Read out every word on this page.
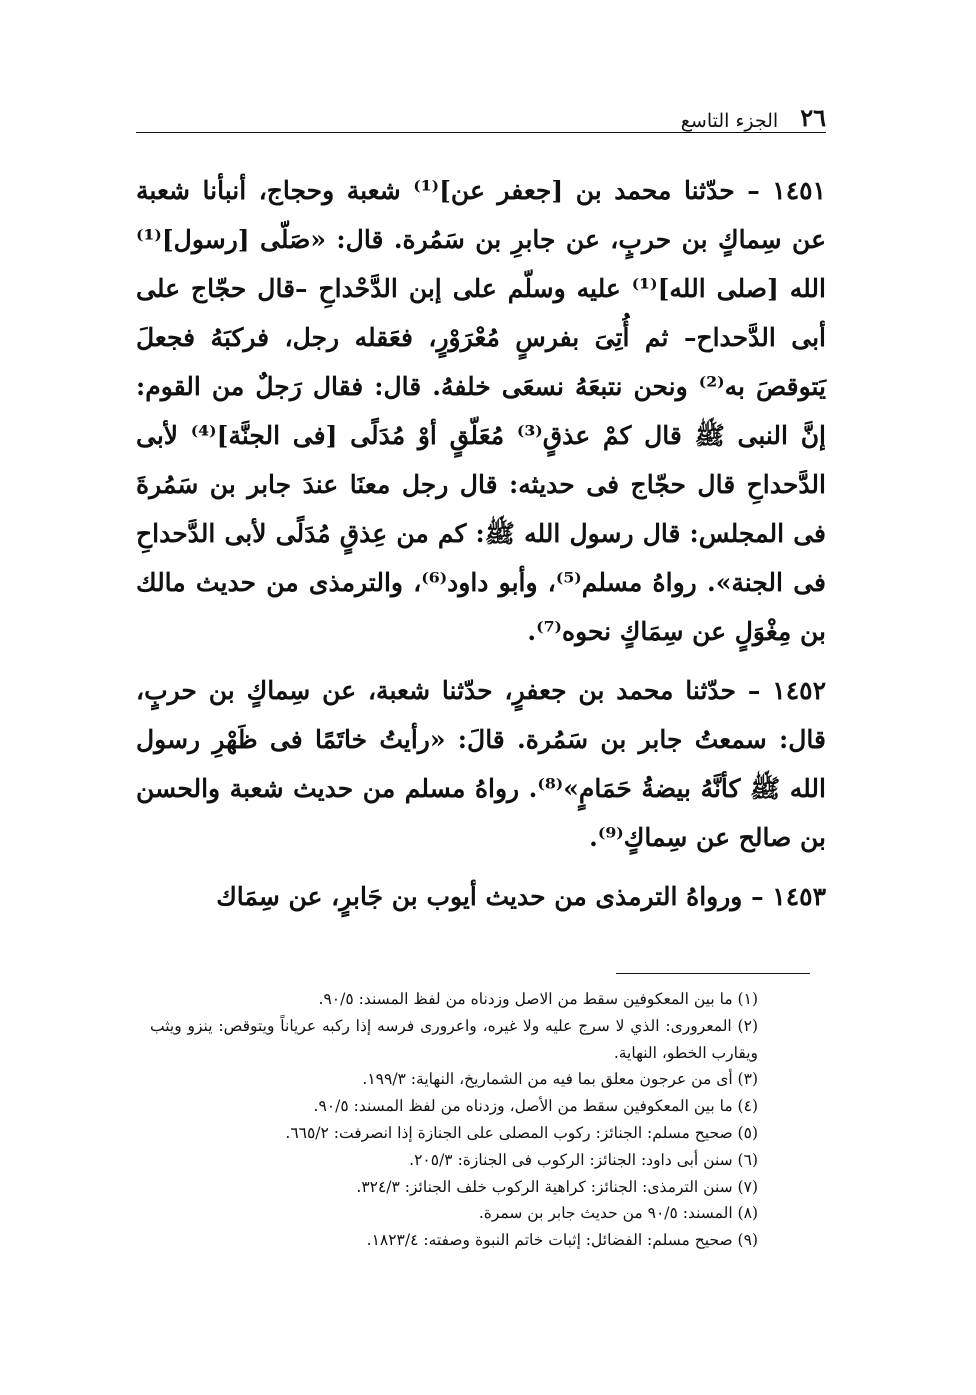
٢٦
الجزء التاسع

١٤٥١ – حدّثنا محمد بن [جعفر عن]⁽¹⁾ شعبة وحجاج، أنبأنا شعبة عن سِماكٍ بن حربٍ، عن جابرِ بن سَمُرة. قال: «صَلّى [رسول]⁽¹⁾ الله [صلى الله]⁽¹⁾ عليه وسلّم على إبن الدَّحْداحِ –قال حجّاج على أبى الدَّحداح– ثم أُتِىَ بفرسٍ مُعْرَوْرٍ، فعَقله رجل، فركبَهُ فجعلَ يَتوقصَ به⁽²⁾ ونحن نتبعَهُ نسعَى خلفهُ. قال: فقال رَجلٌ من القوم: إنَّ النبى ﷺ قال كمْ عذقٍ⁽³⁾ مُعَلّقٍ أوْ مُدَلًى [فى الجنَّة]⁽⁴⁾ لأبى الدَّحداحِ قال حجّاج فى حديثه: قال رجل معنَا عندَ جابر بن سَمُرةَ فى المجلس: قال رسول الله ﷺ: كم من عِذقٍ مُدَلًى لأبى الدَّحداحِ فى الجنة». رواهُ مسلم⁽⁵⁾، وأبو داود⁽⁶⁾، والترمذى من حديث مالك بن مِغْوَلٍ عن سِمَاكٍ نحوه⁽⁷⁾.

١٤٥٢ – حدّثنا محمد بن جعفرٍ، حدّثنا شعبة، عن سِماكٍ بن حربٍ، قال: سمعتُ جابر بن سَمُرة. قالَ: «رأيتُ خاتَمًا فى ظَهْرِ رسول الله ﷺ كأنَّهُ بيضةُ حَمَامٍ»⁽⁸⁾. رواهُ مسلم من حديث شعبة والحسن بن صالح عن سِماكٍ⁽⁹⁾.

١٤٥٣ – ورواهُ الترمذى من حديث أيوب بن جَابرٍ، عن سِمَاك

(١) ما بين المعكوفين سقط من الاصل وزدناه من لفظ المسند: ٩٠/٥.

(٢) المعرورى: الذي لا سرج عليه ولا غيره، واعرورى فرسه إذا ركبه عرياناً ويتوقص: ينزو ويثب ويقارب الخطو، النهاية.

(٣) أى من عرجون معلق بما فيه من الشماريخ، النهاية: ١٩٩/٣.

(٤) ما بين المعكوفين سقط من الأصل، وزدناه من لفظ المسند: ٩٠/٥.

(٥) صحيح مسلم: الجنائز: ركوب المصلى على الجنازة إذا انصرفت: ٦٦٥/٢.

(٦) سنن أبى داود: الجنائز: الركوب فى الجنازة: ٢٠٥/٣.

(٧) سنن الترمذى: الجنائز: كراهية الركوب خلف الجنائز: ٣٢٤/٣.

(٨) المسند: ٩٠/٥ من حديث جابر بن سمرة.

(٩) صحيح مسلم: الفضائل: إثبات خاتم النبوة وصفته: ١٨٢٣/٤.
